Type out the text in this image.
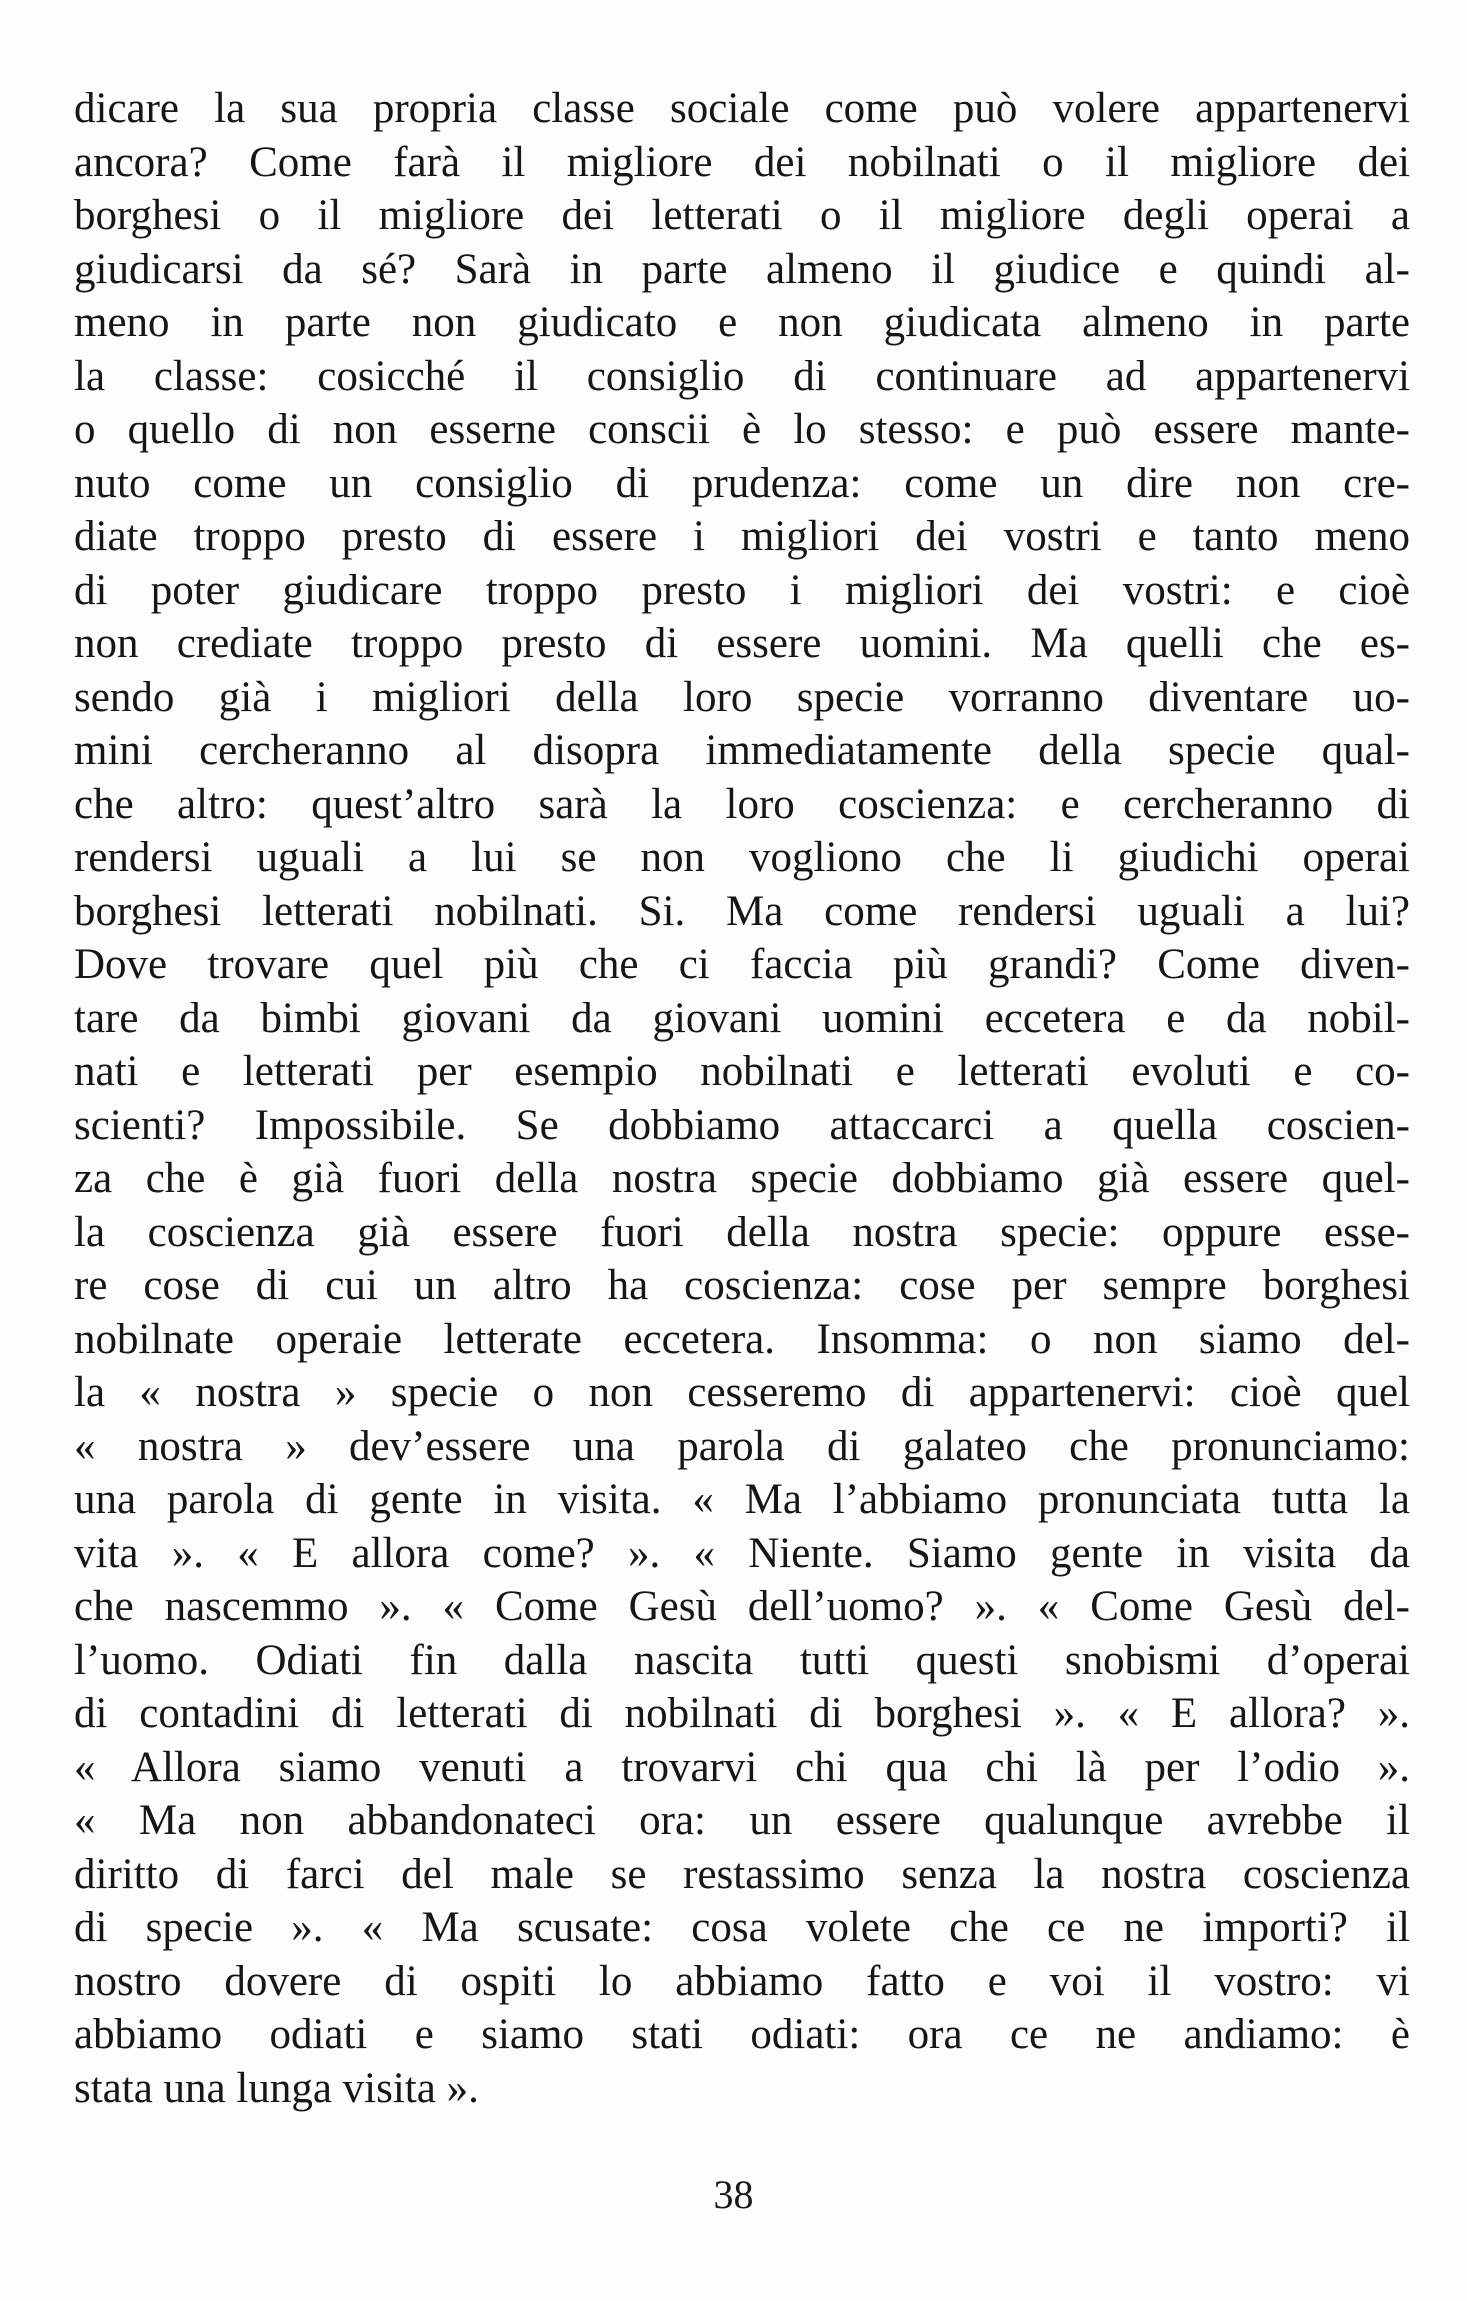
dicare la sua propria classe sociale come può volere appartenervi
ancora? Come farà il migliore dei nobilnati o il migliore dei
borghesi o il migliore dei letterati o il migliore degli operai a
giudicarsi da sé? Sarà in parte almeno il giudice e quindi al-
meno in parte non giudicato e non giudicata almeno in parte
la classe: cosicché il consiglio di continuare ad appartenervi
o quello di non esserne conscii è lo stesso: e può essere mante-
nuto come un consiglio di prudenza: come un dire non cre-
diate troppo presto di essere i migliori dei vostri e tanto meno
di poter giudicare troppo presto i migliori dei vostri: e cioè
non crediate troppo presto di essere uomini. Ma quelli che es-
sendo già i migliori della loro specie vorranno diventare uo-
mini cercheranno al disopra immediatamente della specie qual-
che altro: quest’altro sarà la loro coscienza: e cercheranno di
rendersi uguali a lui se non vogliono che li giudichi operai
borghesi letterati nobilnati. Si. Ma come rendersi uguali a lui?
Dove trovare quel più che ci faccia più grandi? Come diven-
tare da bimbi giovani da giovani uomini eccetera e da nobil-
nati e letterati per esempio nobilnati e letterati evoluti e co-
scienti? Impossibile. Se dobbiamo attaccarci a quella coscien-
za che è già fuori della nostra specie dobbiamo già essere quel-
la coscienza già essere fuori della nostra specie: oppure esse-
re cose di cui un altro ha coscienza: cose per sempre borghesi
nobilnate operaie letterate eccetera. Insomma: o non siamo del-
la « nostra » specie o non cesseremo di appartenervi: cioè quel
« nostra » dev’essere una parola di galateo che pronunciamo:
una parola di gente in visita. « Ma l’abbiamo pronunciata tutta la
vita ». « E allora come? ». « Niente. Siamo gente in visita da
che nascemmo ». « Come Gesù dell’uomo? ». « Come Gesù del-
l’uomo. Odiati fin dalla nascita tutti questi snobismi d’operai
di contadini di letterati di nobilnati di borghesi ». « E allora? ».
« Allora siamo venuti a trovarvi chi qua chi là per l’odio ».
« Ma non abbandonateci ora: un essere qualunque avrebbe il
diritto di farci del male se restassimo senza la nostra coscienza
di specie ». « Ma scusate: cosa volete che ce ne importi? il
nostro dovere di ospiti lo abbiamo fatto e voi il vostro: vi
abbiamo odiati e siamo stati odiati: ora ce ne andiamo: è
stata una lunga visita ».
38
